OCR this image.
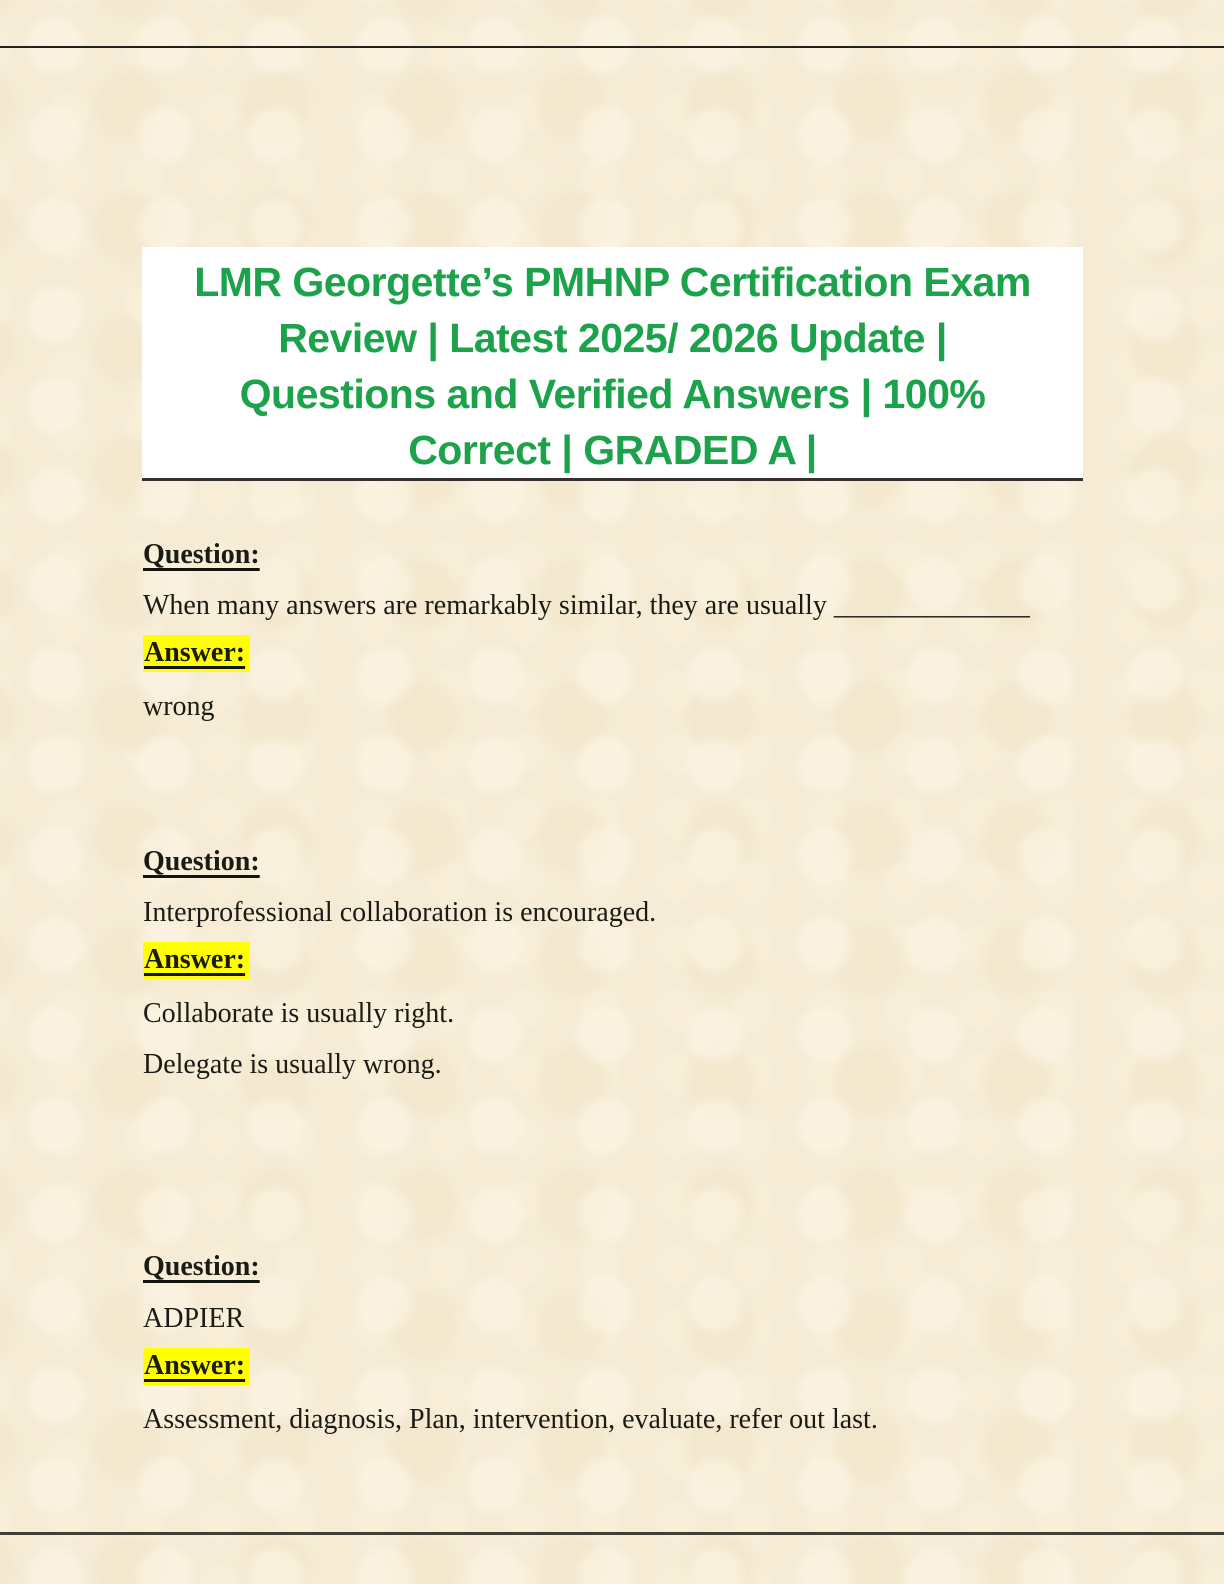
LMR Georgette’s PMHNP Certification Exam
Review | Latest 2025/ 2026 Update |
Questions and Verified Answers | 100%
Correct | GRADED A |

Question:

When many answers are remarkably similar, they are usually ______________

Answer:

wrong

Question:

Interprofessional collaboration is encouraged.

Answer:

Collaborate is usually right.

Delegate is usually wrong.

Question:

ADPIER

Answer:

Assessment, diagnosis, Plan, intervention, evaluate, refer out last.
